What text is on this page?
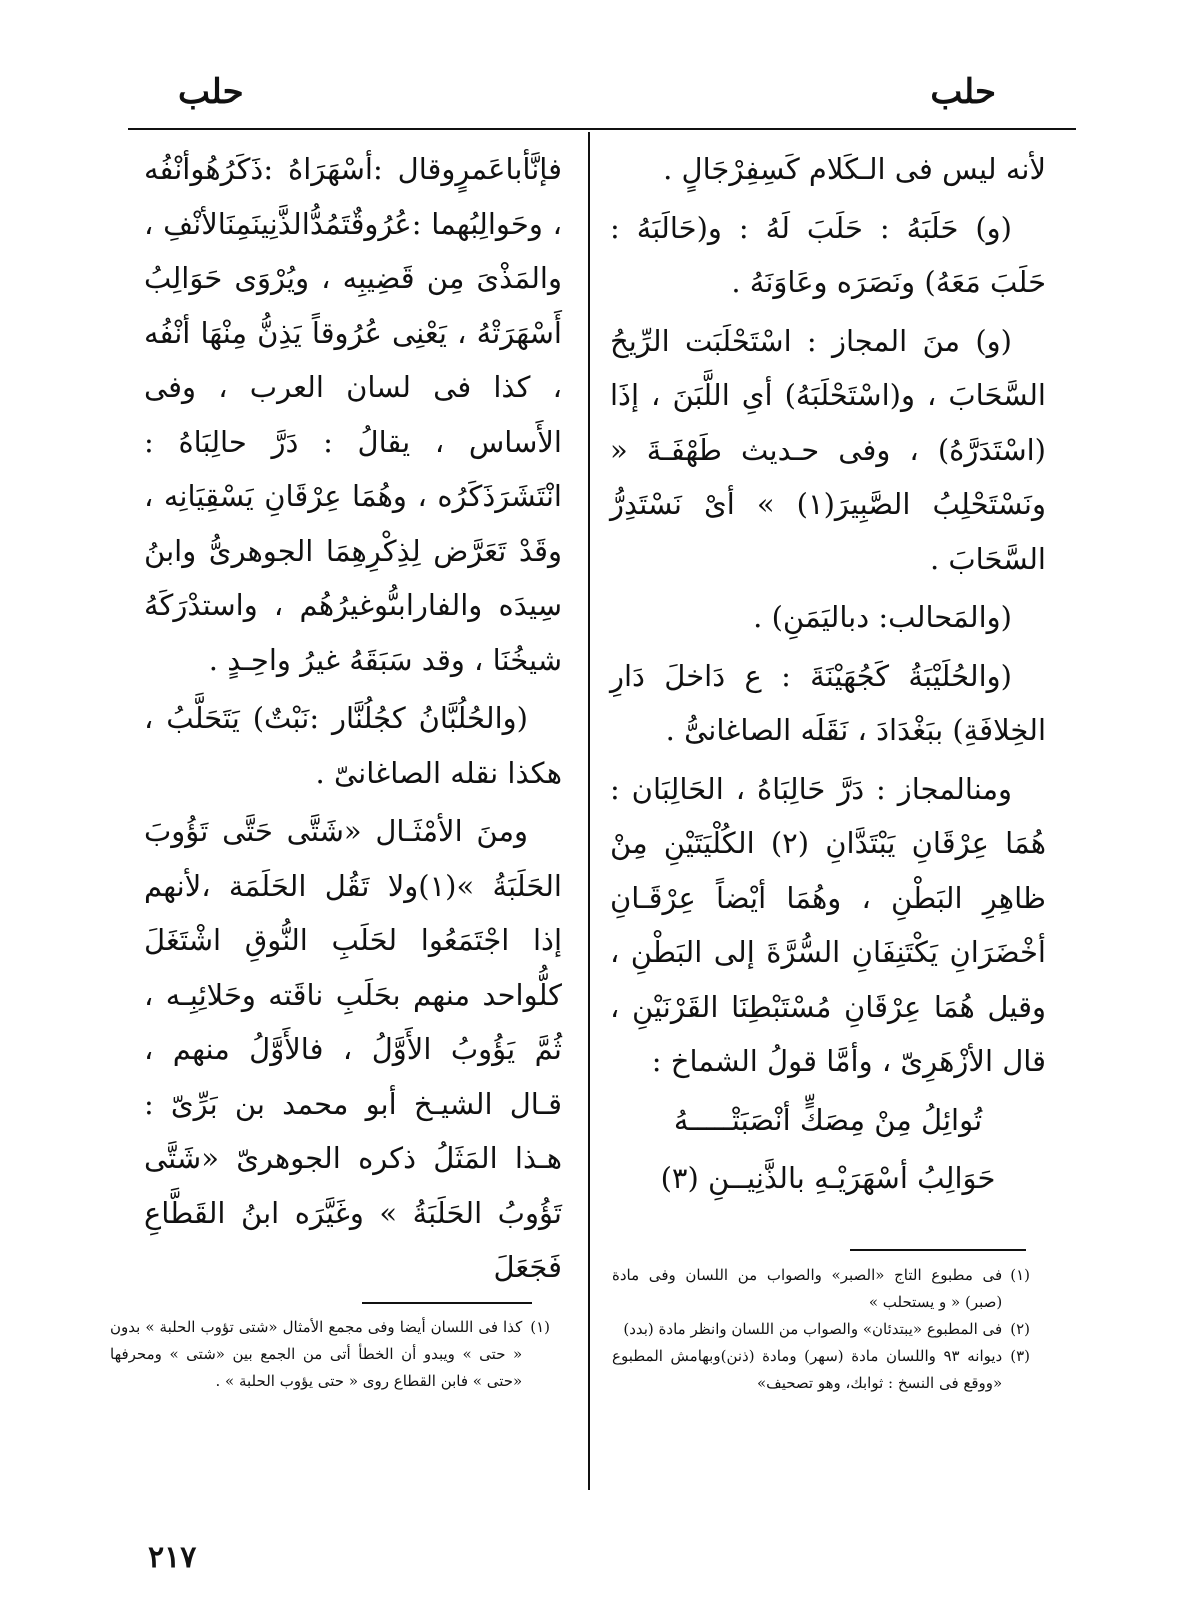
حلب
حلب

لأنه ليس فى الـكَلام كَسِفِرْجَالٍ .

(و) حَلَبَهُ : حَلَبَ لَهُ : و(حَالَبَهُ : حَلَبَ مَعَهُ) ونَصَرَه وعَاوَنَهُ .

(و) منَ المجاز : اسْتَحْلَبَت الرِّيحُ السَّحَابَ ، و(اسْتَحْلَبَهُ) أىِ اللَّبَنَ ، إذَا (اسْتَدَرَّهُ) ، وفى حـديث طَهْفَـةَ « ونَسْتَحْلِبُ الصَّبِيرَ(١) » أىْ نَسْتَدِرُّ السَّحَابَ .

(والمَحالب: دباليَمَنِ) .

(والحُلَيْبَةُ كَجُهَيْنَةَ : ع دَاخلَ دَارِ الخِلافَةِ) ببَغْدَادَ ، نَقَلَه الصاغانىُّ .

ومنالمجاز : دَرَّ حَالِبَاهُ ، الحَالِبَان : هُمَا عِرْقَانِ يَبْتَدَّانِ (٢) الكُلْيَتَيْنِ مِنْ ظاهِرِ البَطْنِ ، وهُمَا أيْضاً عِرْقَـانِ أخْضَرَانِ يَكْتَنِفَانِ السُّرَّةَ إلى البَطْنِ ، وقيل هُمَا عِرْقَانِ مُسْتَبْطِنَا القَرْنَيْنِ ، قال الأزْهَرِىّ ، وأمَّا قولُ الشماخ :

تُوائِلُ مِنْ مِصَكٍّ أنْصَبَتْـــــهُ

حَوَالِبُ أسْهَرَيْـهِ بالذَّنِيــنِ (٣)

فإنَّأباعَمرٍوقال :أسْهَرَاهُ :ذَكَرُهُوأنْفُه ، وحَوالِبُهما :عُرُوقٌتَمُدُّالذَّنِينَمِنَالأنْفِ ، والمَذْىَ مِن قَضِيبِه ، ويُرْوَى حَوَالِبُ أَسْهَرَتْهُ ، يَعْنِى عُرُوقاً يَذِنُّ مِنْهَا أنْفُه ، كذا فى لسان العرب ، وفى الأَساس ، يقالُ : دَرَّ حالِبَاهُ : انْتَشَرَذَكَرُه ، وهُمَا عِرْقَانِ يَسْقِيَانِه ، وقَدْ تَعَرَّض لِذِكْرِهِمَا الجوهرىُّ وابنُ سِيدَه والفارابىُّوغيرُهُم ، واستدْرَكَهُ شيخُنَا ، وقد سَبَقَهُ غيرُ واحِـدٍ .

(والحُلُبَّانُ كجُلُنَّار :نَبْتٌ) يَتَحَلَّبُ ، هكذا نقله الصاغانىّ .

ومنَ الأمْثَـال «شَتَّى حَتَّى تَؤُوبَ الحَلَبَةُ »(١)ولا تَقُل الحَلَمَة ،لأنهم إذا اجْتَمَعُوا لحَلَبِ النُّوقِ اشْتَغَلَ كلُّواحد منهم بحَلَبِ ناقَته وحَلائِبِـه ، ثُمَّ يَؤُوبُ الأَوَّلُ ، فالأَوَّلُ منهم ، قـال الشيـخ أبو محمد بن بَرِّىّ : هـذا المَثَلُ ذكره الجوهرىّ «شَتَّى تَؤُوبُ الحَلَبَةُ » وغَيَّرَه ابنُ القَطَّاعِ فَجَعَلَ	(١)
فى مطبوع التاج «الصبر» والصواب من اللسان وفى مادة (صبر) « و يستحلب »
(٢)
فى المطبوع «يبتدئان» والصواب من اللسان وانظر مادة (بدد)
(٣)
ديوانه ٩٣ واللسان مادة (سهر) ومادة (ذنن)وبهامش المطبوع «ووقع فى النسخ : ثوابك، وهو تصحيف»
(١)
كذا فى اللسان أيضا وفى مجمع الأمثال «شتى تؤوب الحلبة » بدون « حتى » ويبدو أن الخطأ أتى من الجمع بين «شتى » ومحرفها «حتى » فابن القطاع روى « حتى يؤوب الحلبة » .
٢١٧
